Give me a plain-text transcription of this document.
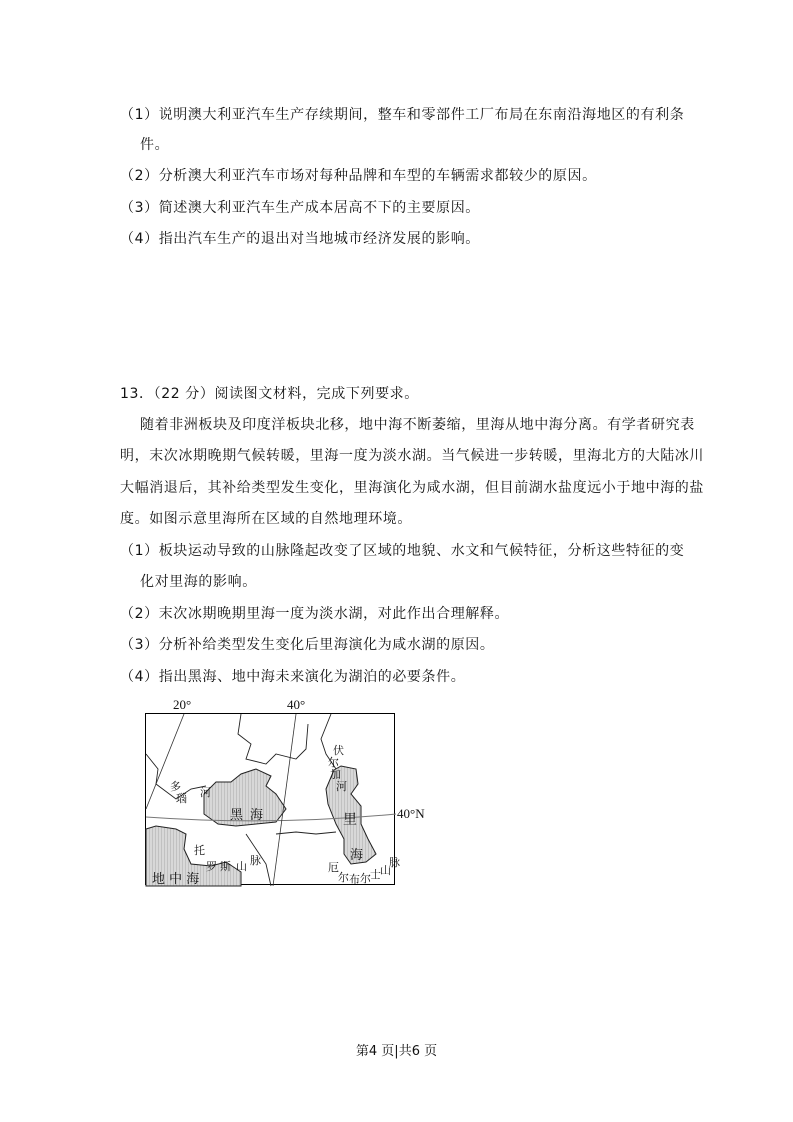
（1）说明澳大利亚汽车生产存续期间，整车和零部件工厂布局在东南沿海地区的有利条
件。
（2）分析澳大利亚汽车市场对每种品牌和车型的车辆需求都较少的原因。
（3）简述澳大利亚汽车生产成本居高不下的主要原因。
（4）指出汽车生产的退出对当地城市经济发展的影响。
13．（22 分）阅读图文材料，完成下列要求。
随着非洲板块及印度洋板块北移，地中海不断萎缩，里海从地中海分离。有学者研究表
明，末次冰期晚期气候转暖，里海一度为淡水湖。当气候进一步转暖，里海北方的大陆冰川
大幅消退后，其补给类型发生变化，里海演化为咸水湖，但目前湖水盐度远小于地中海的盐
度。如图示意里海所在区域的自然地理环境。
（1）板块运动导致的山脉隆起改变了区域的地貌、水文和气候特征，分析这些特征的变
化对里海的影响。
（2）末次冰期晚期里海一度为淡水湖，对此作出合理解释。
（3）分析补给类型发生变化后里海演化为咸水湖的原因。
（4）指出黑海、地中海未来演化为湖泊的必要条件。
20°	40°
40°N
多
瑙 河
黑 海
伏
尔
加
河
里
海
托
罗 斯 山 脉
厄
尔 布 尔 士 山
脉
地 中 海
第4 页|共6 页
